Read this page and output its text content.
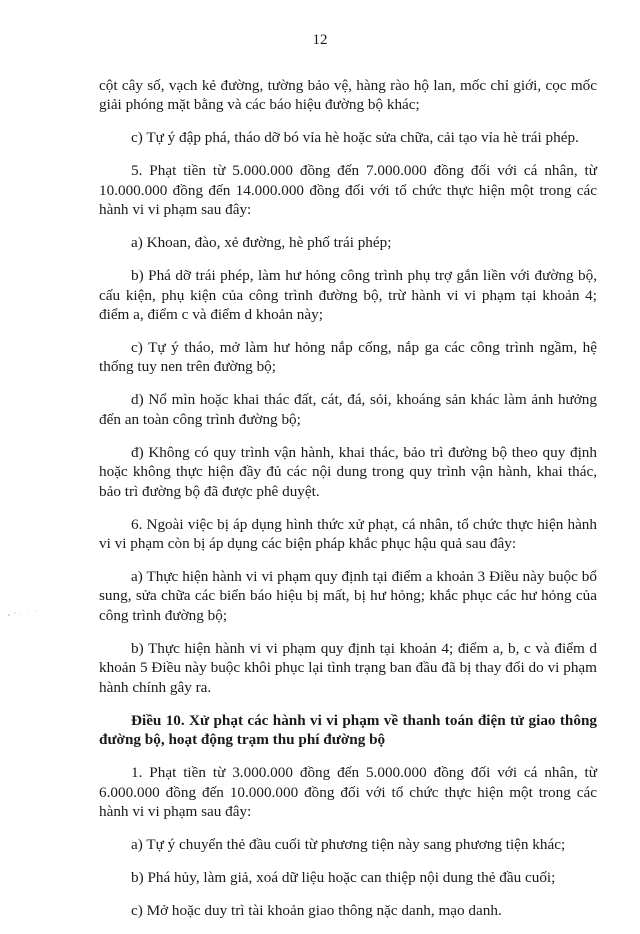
12

cột cây số, vạch kẻ đường, tường bảo vệ, hàng rào hộ lan, mốc chỉ giới, cọc mốc giải phóng mặt bằng và các báo hiệu đường bộ khác;

c) Tự ý đập phá, tháo dỡ bó vỉa hè hoặc sửa chữa, cải tạo vỉa hè trái phép.

5. Phạt tiền từ 5.000.000 đồng đến 7.000.000 đồng đối với cá nhân, từ 10.000.000 đồng đến 14.000.000 đồng đối với tổ chức thực hiện một trong các hành vi vi phạm sau đây:

a) Khoan, đào, xẻ đường, hè phố trái phép;

b) Phá dỡ trái phép, làm hư hỏng công trình phụ trợ gắn liền với đường bộ, cấu kiện, phụ kiện của công trình đường bộ, trừ hành vi vi phạm tại khoản 4; điểm a, điểm c và điểm d khoản này;

c) Tự ý tháo, mở làm hư hỏng nắp cống, nắp ga các công trình ngầm, hệ thống tuy nen trên đường bộ;

d) Nổ mìn hoặc khai thác đất, cát, đá, sỏi, khoáng sản khác làm ảnh hưởng đến an toàn công trình đường bộ;

đ) Không có quy trình vận hành, khai thác, bảo trì đường bộ theo quy định hoặc không thực hiện đầy đủ các nội dung trong quy trình vận hành, khai thác, bảo trì đường bộ đã được phê duyệt.

6. Ngoài việc bị áp dụng hình thức xử phạt, cá nhân, tổ chức thực hiện hành vi vi phạm còn bị áp dụng các biện pháp khắc phục hậu quả sau đây:

a) Thực hiện hành vi vi phạm quy định tại điểm a khoản 3 Điều này buộc bổ sung, sửa chữa các biển báo hiệu bị mất, bị hư hỏng; khắc phục các hư hỏng của công trình đường bộ;

b) Thực hiện hành vi vi phạm quy định tại khoản 4; điểm a, b, c và điểm d khoản 5 Điều này buộc khôi phục lại tình trạng ban đầu đã bị thay đổi do vi phạm hành chính gây ra.

Điều 10. Xử phạt các hành vi vi phạm về thanh toán điện tử giao thông đường bộ, hoạt động trạm thu phí đường bộ

1. Phạt tiền từ 3.000.000 đồng đến 5.000.000 đồng đối với cá nhân, từ 6.000.000 đồng đến 10.000.000 đồng đối với tổ chức thực hiện một trong các hành vi vi phạm sau đây:

a) Tự ý chuyển thẻ đầu cuối từ phương tiện này sang phương tiện khác;

b) Phá hủy, làm giả, xoá dữ liệu hoặc can thiệp nội dung thẻ đầu cuối;

c) Mở hoặc duy trì tài khoản giao thông nặc danh, mạo danh.
